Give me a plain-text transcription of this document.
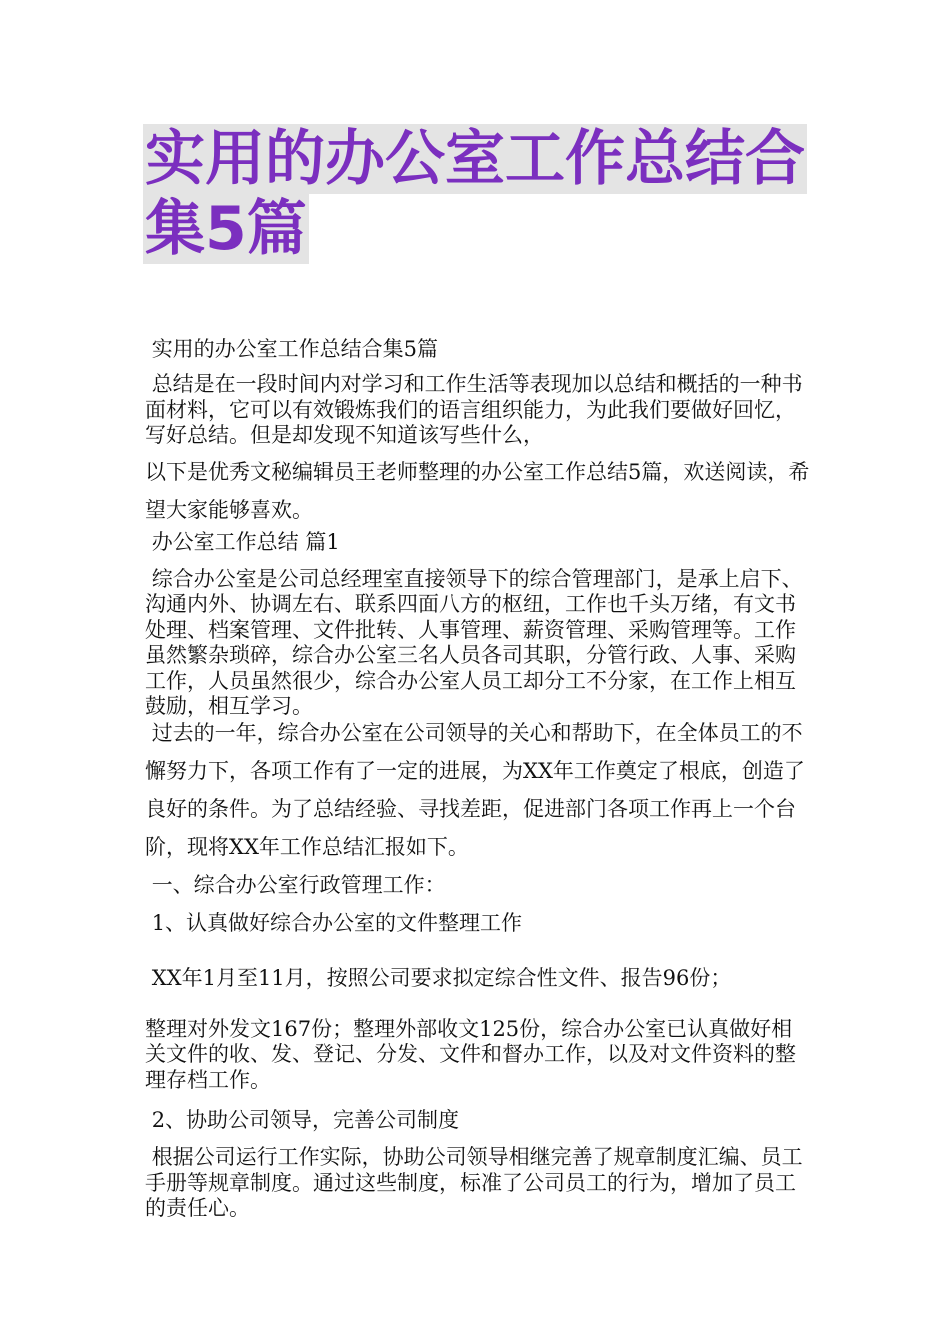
实用的办公室工作总结合集5篇

实用的办公室工作总结合集5篇

总结是在一段时间内对学习和工作生活等表现加以总结和概括的一种书面材料，它可以有效锻炼我们的语言组织能力，为此我们要做好回忆，写好总结。但是却发现不知道该写些什么，

以下是优秀文秘编辑员王老师整理的办公室工作总结5篇，欢送阅读，希望大家能够喜欢。

办公室工作总结 篇1

综合办公室是公司总经理室直接领导下的综合管理部门，是承上启下、沟通内外、协调左右、联系四面八方的枢纽，工作也千头万绪，有文书处理、档案管理、文件批转、人事管理、薪资管理、采购管理等。工作虽然繁杂琐碎，综合办公室三名人员各司其职，分管行政、人事、采购工作，人员虽然很少，综合办公室人员工却分工不分家，在工作上相互鼓励，相互学习。

过去的一年，综合办公室在公司领导的关心和帮助下，在全体员工的不懈努力下，各项工作有了一定的进展，为XX年工作奠定了根底，创造了良好的条件。为了总结经验、寻找差距，促进部门各项工作再上一个台阶，现将XX年工作总结汇报如下。

一、综合办公室行政管理工作：

1、认真做好综合办公室的文件整理工作

XX年1月至11月，按照公司要求拟定综合性文件、报告96份；

整理对外发文167份；整理外部收文125份，综合办公室已认真做好相关文件的收、发、登记、分发、文件和督办工作，以及对文件资料的整理存档工作。

2、协助公司领导，完善公司制度

根据公司运行工作实际，协助公司领导相继完善了规章制度汇编、员工手册等规章制度。通过这些制度，标准了公司员工的行为，增加了员工的责任心。
